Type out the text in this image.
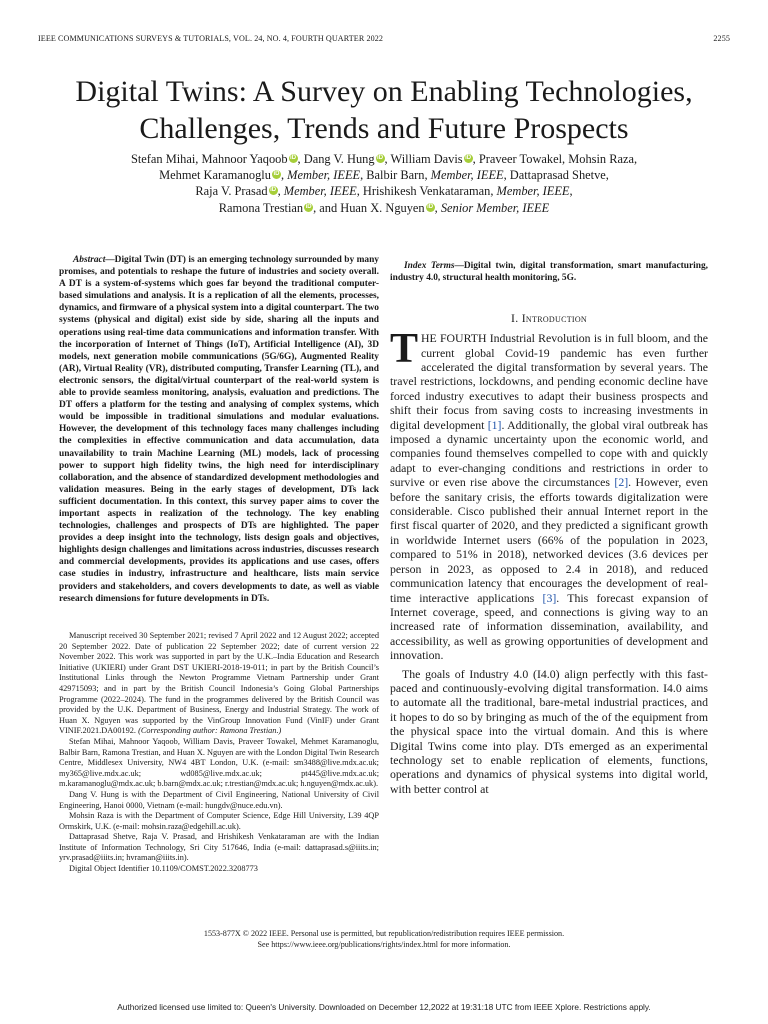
IEEE COMMUNICATIONS SURVEYS & TUTORIALS, VOL. 24, NO. 4, FOURTH QUARTER 2022	2255
Digital Twins: A Survey on Enabling Technologies,
Challenges, Trends and Future Prospects
Stefan Mihai, Mahnoor Yaqoob iD , Dang V. Hung iD , William Davis iD , Praveer Towakel, Mohsin Raza,
Mehmet Karamanoglu iD , Member, IEEE, Balbir Barn, Member, IEEE, Dattaprasad Shetve,
Raja V. Prasad iD , Member, IEEE, Hrishikesh Venkataraman, Member, IEEE,
Ramona Trestian iD , and Huan X. Nguyen iD , Senior Member, IEEE

Abstract—Digital Twin (DT) is an emerging technology surrounded by many promises, and potentials to reshape the future of industries and society overall. A DT is a system-of-systems which goes far beyond the traditional computer-based simulations and analysis. It is a replication of all the elements, processes, dynamics, and firmware of a physical system into a digital counterpart. The two systems (physical and digital) exist side by side, sharing all the inputs and operations using real-time data communications and information transfer. With the incorporation of Internet of Things (IoT), Artificial Intelligence (AI), 3D models, next generation mobile communications (5G/6G), Augmented Reality (AR), Virtual Reality (VR), distributed computing, Transfer Learning (TL), and electronic sensors, the digital/virtual counterpart of the real-world system is able to provide seamless monitoring, analysis, evaluation and predictions. The DT offers a platform for the testing and analysing of complex systems, which would be impossible in traditional simulations and modular evaluations. However, the development of this technology faces many challenges including the complexities in effective communication and data accumulation, data unavailability to train Machine Learning (ML) models, lack of processing power to support high fidelity twins, the high need for interdisciplinary collaboration, and the absence of standardized development methodologies and validation measures. Being in the early stages of development, DTs lack sufficient documentation. In this context, this survey paper aims to cover the important aspects in realization of the technology. The key enabling technologies, challenges and prospects of DTs are highlighted. The paper provides a deep insight into the technology, lists design goals and objectives, highlights design challenges and limitations across industries, discusses research and commercial developments, provides its applications and use cases, offers case studies in industry, infrastructure and healthcare, lists main service providers and stakeholders, and covers developments to date, as well as viable research dimensions for future developments in DTs.

Manuscript received 30 September 2021; revised 7 April 2022 and 12 August 2022; accepted 20 September 2022. Date of publication 22 September 2022; date of current version 22 November 2022. This work was supported in part by the U.K.–India Education and Research Initiative (UKIERI) under Grant DST UKIERI-2018-19-011; in part by the British Council’s Institutional Links through the Newton Programme Vietnam Partnership under Grant 429715093; and in part by the British Council Indonesia’s Going Global Partnerships Programme (2022–2024). The fund in the programmes delivered by the British Council was provided by the U.K. Department of Business, Energy and Industrial Strategy. The work of Huan X. Nguyen was supported by the VinGroup Innovation Fund (VinIF) under Grant VINIF.2021.DA00192. (Corresponding author: Ramona Trestian.)

Stefan Mihai, Mahnoor Yaqoob, William Davis, Praveer Towakel, Mehmet Karamanoglu, Balbir Barn, Ramona Trestian, and Huan X. Nguyen are with the London Digital Twin Research Centre, Middlesex University, NW4 4BT London, U.K. (e-mail: sm3488@live.mdx.ac.uk; my365@live.mdx.ac.uk; wd085@live.mdx.ac.uk; pt445@live.mdx.ac.uk; m.karamanoglu@mdx.ac.uk; b.barn@mdx.ac.uk; r.trestian@mdx.ac.uk; h.nguyen@mdx.ac.uk).

Dang V. Hung is with the Department of Civil Engineering, National University of Civil Engineering, Hanoi 0000, Vietnam (e-mail: hungdv@nuce.edu.vn).

Mohsin Raza is with the Department of Computer Science, Edge Hill University, L39 4QP Ormskirk, U.K. (e-mail: mohsin.raza@edgehill.ac.uk).

Dattaprasad Shetve, Raja V. Prasad, and Hrishikesh Venkataraman are with the Indian Institute of Information Technology, Sri City 517646, India (e-mail: dattaprasad.s@iiits.in; yrv.prasad@iiits.in; hvraman@iiits.in).

Digital Object Identifier 10.1109/COMST.2022.3208773

Index Terms—Digital twin, digital transformation, smart manufacturing, industry 4.0, structural health monitoring, 5G.

I. Introduction

THE FOURTH Industrial Revolution is in full bloom, and the current global Covid-19 pandemic has even further accelerated the digital transformation by several years. The travel restrictions, lockdowns, and pending economic decline have forced industry executives to adapt their business prospects and shift their focus from saving costs to increasing investments in digital development [1]. Additionally, the global viral outbreak has imposed a dynamic uncertainty upon the economic world, and companies found themselves compelled to cope with and quickly adapt to ever-changing conditions and restrictions in order to survive or even rise above the circumstances [2]. However, even before the sanitary crisis, the efforts towards digitalization were considerable. Cisco published their annual Internet report in the first fiscal quarter of 2020, and they predicted a significant growth in worldwide Internet users (66% of the population in 2023, compared to 51% in 2018), networked devices (3.6 devices per person in 2023, as opposed to 2.4 in 2018), and reduced communication latency that encourages the development of real-time interactive applications [3]. This forecast expansion of Internet coverage, speed, and connections is giving way to an increased rate of information dissemination, availability, and accessibility, as well as growing opportunities of development and innovation.

The goals of Industry 4.0 (I4.0) align perfectly with this fast-paced and continuously-evolving digital transformation. I4.0 aims to automate all the traditional, bare-metal industrial practices, and it hopes to do so by bringing as much of the of the equipment from the physical space into the virtual domain. And this is where Digital Twins come into play. DTs emerged as an experimental technology set to enable replication of elements, functions, operations and dynamics of physical systems into digital world, with better control at

1553-877X © 2022 IEEE. Personal use is permitted, but republication/redistribution requires IEEE permission.
See https://www.ieee.org/publications/rights/index.html for more information.
Authorized licensed use limited to: Queen's University. Downloaded on December 12,2022 at 19:31:18 UTC from IEEE Xplore. Restrictions apply.
